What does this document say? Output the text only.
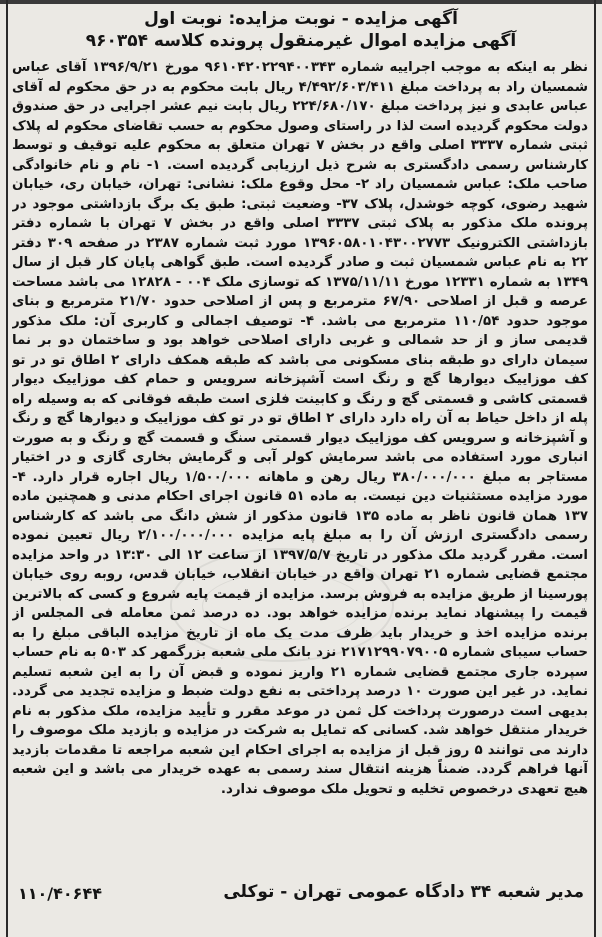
آگهی مزایده - نوبت مزایده: نوبت اول
آگهی مزایده اموال غیرمنقول پرونده کلاسه ۹۶۰۳۵۴
نظر به اینکه به موجب اجراییه شماره ۹۶۱۰۴۲۰۲۲۹۴۰۰۳۴۳ مورخ ۱۳۹۶/۹/۲۱ آقای عباس شمسیان راد به پرداخت مبلغ ۴/۴۹۲/۶۰۳/۴۱۱ ریال بابت محکوم به در حق محکوم له آقای عباس عابدی و نیز پرداخت مبلغ ۲۲۴/۶۸۰/۱۷۰ ریال بابت نیم عشر اجرایی در حق صندوق دولت محکوم گردیده است لذا در راستای وصول محکوم به حسب تقاضای محکوم له پلاک ثبتی شماره ۳۳۳۷ اصلی واقع در بخش ۷ تهران متعلق به محکوم علیه توقیف و توسط کارشناس رسمی دادگستری به شرح ذیل ارزیابی گردیده است. ۱- نام و نام خانوادگی صاحب ملک: عباس شمسیان راد ۲- محل وقوع ملک: نشانی: تهران، خیابان ری، خیابان شهید رضوی، کوچه خوشدل، پلاک ۳۷- وضعیت ثبتی: طبق یک برگ بازداشتی موجود در پرونده ملک مذکور به پلاک ثبتی ۳۳۳۷ اصلی واقع در بخش ۷ تهران با شماره دفتر بازداشتی الکترونیک ۱۳۹۶۰۵۸۰۱۰۴۳۰۰۲۷۷۳ مورد ثبت شماره ۲۳۸۷ در صفحه ۳۰۹ دفتر ۲۲ به نام عباس شمسیان ثبت و صادر گردیده است. طبق گواهی پایان کار قبل از سال ۱۳۴۹ به شماره ۱۲۳۳۱ مورخ ۱۳۷۵/۱۱/۱۱ که توسازی ملک ۰۰۴ - ۱۲۸۲۸ می باشد مساحت عرصه و قبل از اصلاحی ۶۷/۹۰ مترمربع و پس از اصلاحی حدود ۲۱/۷۰ مترمربع و بنای موجود حدود ۱۱۰/۵۴ مترمربع می باشد. ۴- توصیف اجمالی و کاربری آن: ملک مذکور قدیمی ساز و از حد شمالی و غربی دارای اصلاحی خواهد بود و ساختمان دو بر نما سیمان دارای دو طبقه بنای مسکونی می باشد که طبقه همکف دارای ۲ اطاق تو در تو کف موزاییک دیوارها گچ و رنگ است آشپزخانه سرویس و حمام کف موزاییک دیوار قسمتی کاشی و قسمتی گچ و رنگ و کابینت فلزی است طبقه فوقانی که به وسیله راه پله از داخل حیاط به آن راه دارد دارای ۲ اطاق تو در تو کف موزاییک و دیوارها گچ و رنگ و آشپزخانه و سرویس کف موزاییک دیوار قسمتی سنگ و قسمت گچ و رنگ و به صورت انباری مورد استفاده می باشد سرمایش کولر آبی و گرمایش بخاری گازی و در اختیار مستاجر به مبلغ ۳۸۰/۰۰۰/۰۰۰ ریال رهن و ماهانه ۱/۵۰۰/۰۰۰ ریال اجاره قرار دارد. ۴- مورد مزایده مستثنیات دین نیست. به ماده ۵۱ قانون اجرای احکام مدنی و همچنین ماده ۱۳۷ همان قانون ناظر به ماده ۱۳۵ قانون مذکور از شش دانگ می باشد که کارشناس رسمی دادگستری ارزش آن را به مبلغ پایه مزایده ۲/۱۰۰/۰۰۰/۰۰۰ ریال تعیین نموده است. مقرر گردید ملک مذکور در تاریخ ۱۳۹۷/۵/۷ از ساعت ۱۲ الی ۱۳:۳۰ در واحد مزایده مجتمع قضایی شماره ۲۱ تهران واقع در خیابان انقلاب، خیابان قدس، روبه روی خیابان پورسینا از طریق مزایده به فروش برسد. مزایده از قیمت پایه شروع و کسی که بالاترین قیمت را پیشنهاد نماید برنده مزایده خواهد بود. ده درصد ثمن معامله فی المجلس از برنده مزایده اخذ و خریدار باید ظرف مدت یک ماه از تاریخ مزایده الباقی مبلغ را به حساب سیبای شماره ۲۱۷۱۲۹۹۰۷۹۰۰۵ نزد بانک ملی شعبه بزرگمهر کد ۵۰۳ به نام حساب سپرده جاری مجتمع قضایی شماره ۲۱ واریز نموده و قبض آن را به این شعبه تسلیم نماید. در غیر این صورت ۱۰ درصد پرداختی به نفع دولت ضبط و مزایده تجدید می گردد. بدیهی است درصورت پرداخت کل ثمن در موعد مقرر و تأیید مزایده، ملک مذکور به نام خریدار منتقل خواهد شد. کسانی که تمایل به شرکت در مزایده و بازدید ملک موصوف را دارند می توانند ۵ روز قبل از مزایده به اجرای احکام این شعبه مراجعه تا مقدمات بازدید آنها فراهم گردد. ضمناً هزینه انتقال سند رسمی به عهده خریدار می باشد و این شعبه هیچ تعهدی درخصوص تخلیه و تحویل ملک موصوف ندارد.
مدیر شعبه ۳۴ دادگاه عمومی تهران - توکلی
۱۱۰/۴۰۶۴۴
